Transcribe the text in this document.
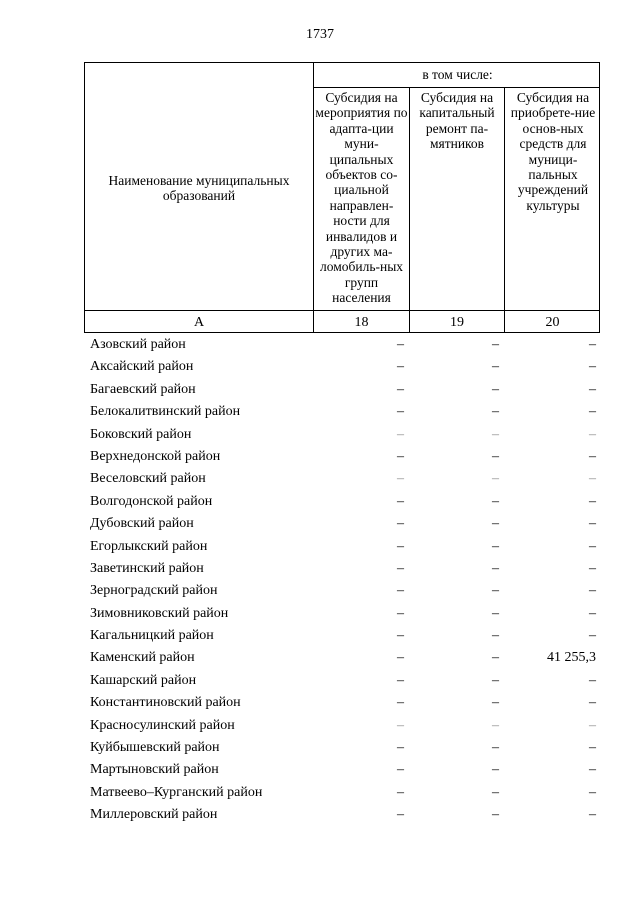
1737
Наименование муниципальных образований
в том числе:
Субсидия на мероприятия по адапта-ции муни-ципальных объектов со-циальной направлен-ности для инвалидов и других ма-ломобиль-ных групп населения
Субсидия на капитальный ремонт па-мятников
Субсидия на приобрете-ние основ-ных средств для муници-пальных учреждений культуры
А	18	19	20
Азовский район	–	–	–
Аксайский район	–	–	–
Багаевский район	–	–	–
Белокалитвинский район	–	–	–
Боковский район	–	–	–
Верхнедонской район	–	–	–
Веселовский район	–	–	–
Волгодонской район	–	–	–
Дубовский район	–	–	–
Егорлыкский район	–	–	–
Заветинский район	–	–	–
Зерноградский район	–	–	–
Зимовниковский район	–	–	–
Кагальницкий район	–	–	–
Каменский район	–	–	41 255,3
Кашарский район	–	–	–
Константиновский район	–	–	–
Красносулинский район	–	–	–
Куйбышевский район	–	–	–
Мартыновский район	–	–	–
Матвеево–Курганский район	–	–	–
Миллеровский район	–	–	–
